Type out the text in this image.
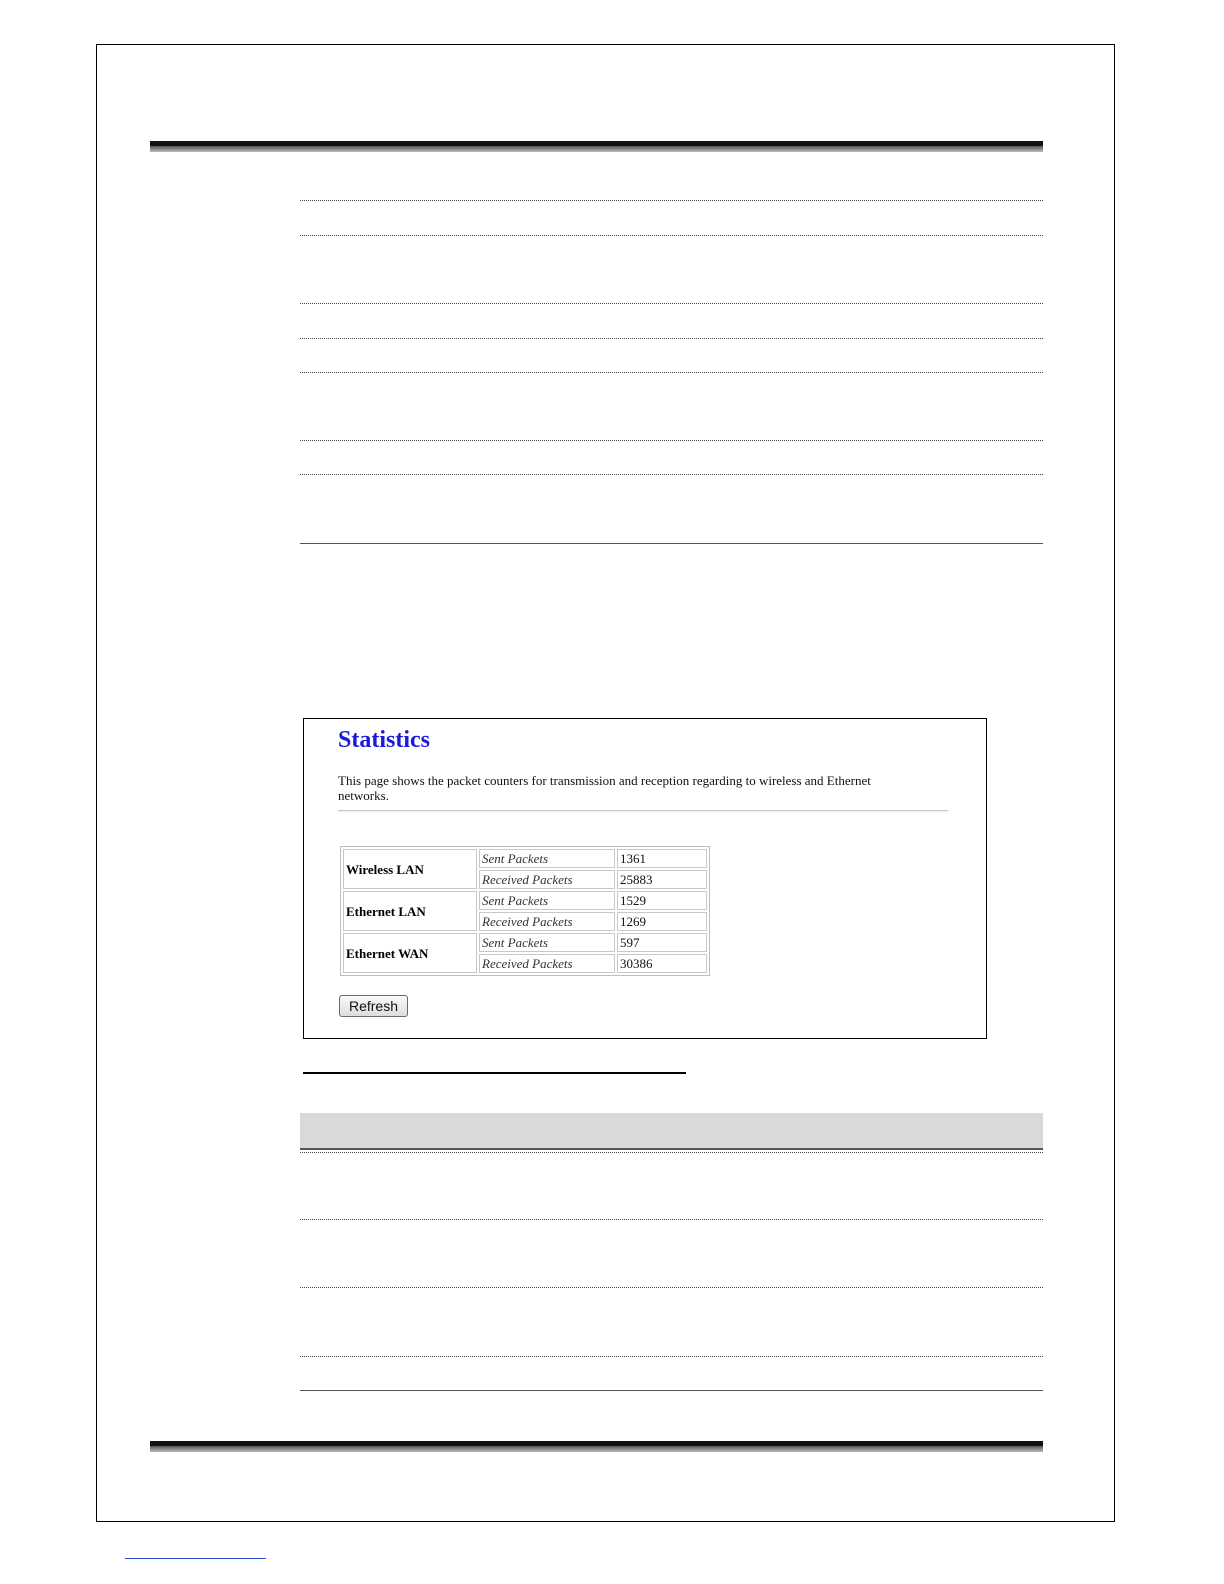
Statistics

This page shows the packet counters for transmission and reception regarding to wireless and Ethernet networks.

Wireless LAN	Sent Packets	1361
	Received Packets	25883
Ethernet LAN	Sent Packets	1529
	Received Packets	1269
Ethernet WAN	Sent Packets	597
	Received Packets	30386
Refresh
